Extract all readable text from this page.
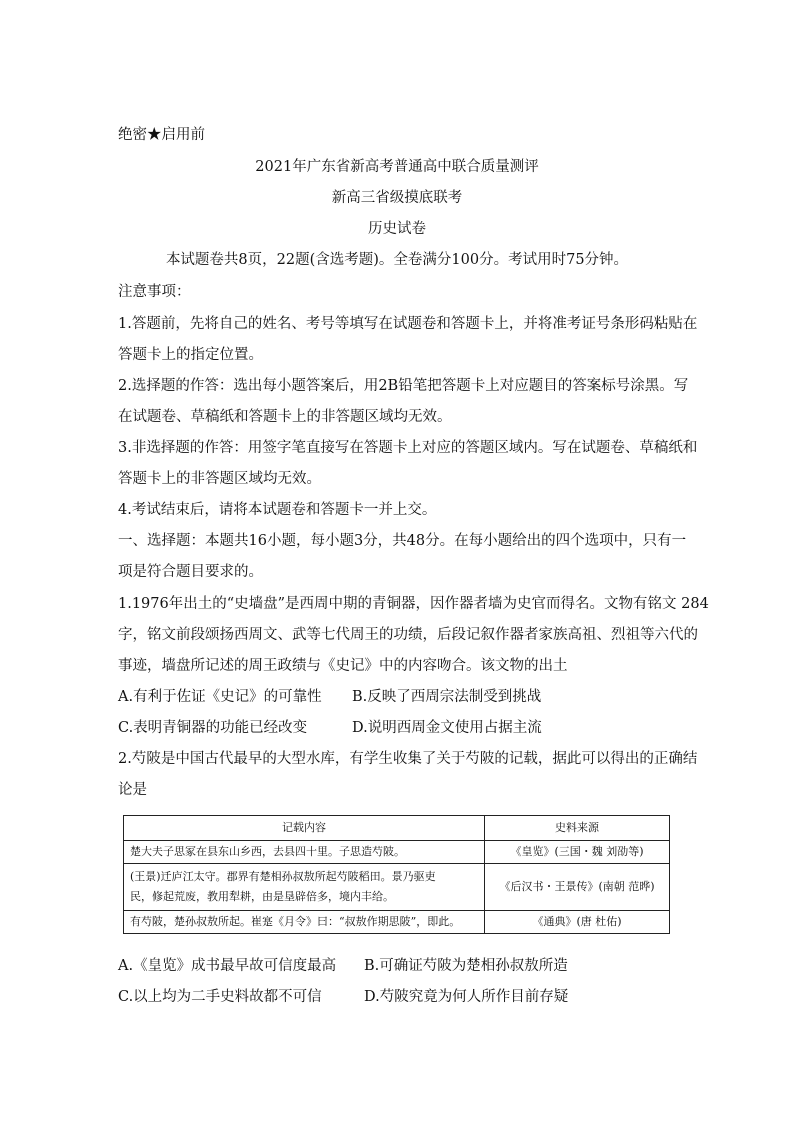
绝密★启用前
2021年广东省新高考普通高中联合质量测评
新高三省级摸底联考
历史试卷
本试题卷共8页，22题(含选考题)。全卷满分100分。考试用时75分钟。
注意事项：
1.答题前，先将自己的姓名、考号等填写在试题卷和答题卡上，并将准考证号条形码粘贴在
答题卡上的指定位置。
2.选择题的作答：选出每小题答案后，用2B铅笔把答题卡上对应题目的答案标号涂黑。写
在试题卷、草稿纸和答题卡上的非答题区域均无效。
3.非选择题的作答：用签字笔直接写在答题卡上对应的答题区域内。写在试题卷、草稿纸和
答题卡上的非答题区域均无效。
4.考试结束后，请将本试题卷和答题卡一并上交。
一、选择题：本题共16小题，每小题3分，共48分。在每小题给出的四个选项中，只有一
项是符合题目要求的。
1.1976年出土的“史墙盘”是西周中期的青铜器，因作器者墙为史官而得名。文物有铭文 284
字，铭文前段颂扬西周文、武等七代周王的功绩，后段记叙作器者家族高祖、烈祖等六代的
事迹，墙盘所记述的周王政绩与《史记》中的内容吻合。该文物的出土
A.有利于佐证《史记》的可靠性 B.反映了西周宗法制受到挑战
C.表明青铜器的功能已经改变	D.说明西周金文使用占据主流
2.芍陂是中国古代最早的大型水库，有学生收集了关于芍陂的记载，据此可以得出的正确结
论是
记载内容	史料来源
楚大夫子思冢在县东山乡西，去县四十里。子思造芍陂。	《皇览》(三国・魏 刘劭等)
(王景)迁庐江太守。郡界有楚相孙叔敖所起芍陂稻田。景乃驱吏
民，修起荒废，教用犁耕，由是垦辟倍多，境内丰给。	《后汉书・王景传》(南朝 范晔)
有芍陂，楚孙叔敖所起。崔寔《月令》曰：“叔敖作期思陂”，即此。	《通典》(唐 杜佑)
A.《皇览》成书最早故可信度最高 B.可确证芍陂为楚相孙叔敖所造
C.以上均为二手史料故都不可信	D.芍陂究竟为何人所作目前存疑
